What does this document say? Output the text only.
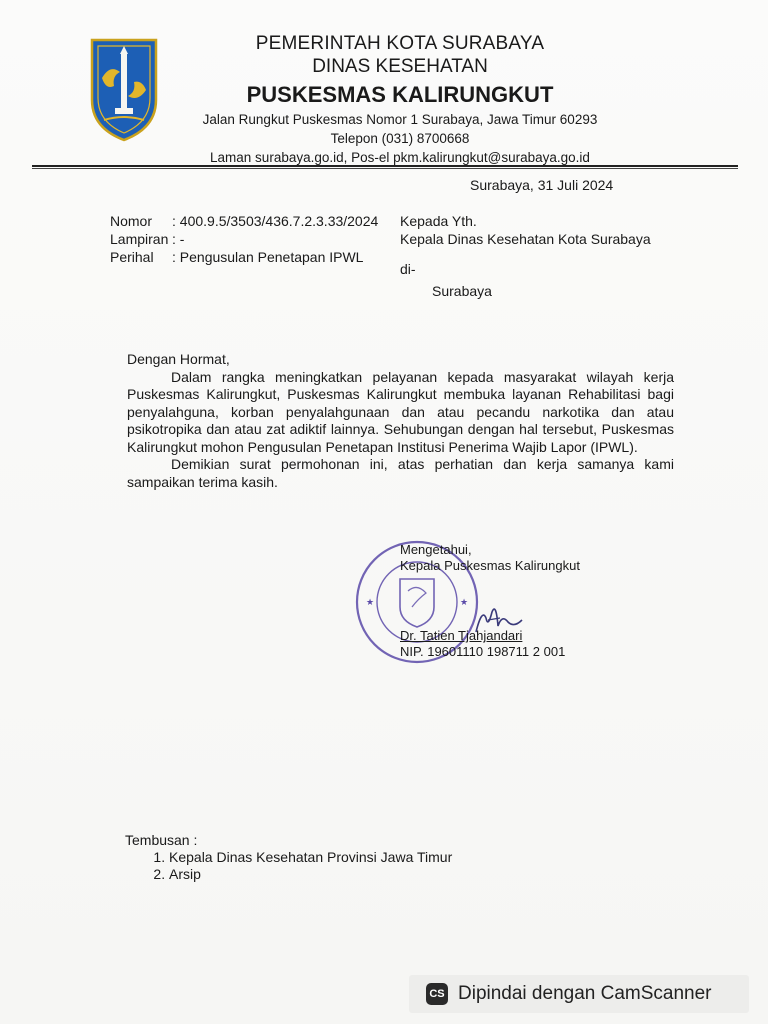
PEMERINTAH KOTA SURABAYA
DINAS KESEHATAN
PUSKESMAS KALIRUNGKUT
Jalan Rungkut Puskesmas Nomor 1 Surabaya, Jawa Timur 60293
Telepon (031) 8700668
Laman surabaya.go.id, Pos-el pkm.kalirungkut@surabaya.go.id
Surabaya, 31 Juli 2024
Nomor	: 400.9.5/3503/436.7.2.3.33/2024
Lampiran : -
Perihal	: Pengusulan Penetapan IPWL
Kepada Yth.
Kepala Dinas Kesehatan Kota Surabaya
di-
Surabaya

Dengan Hormat,

Dalam rangka meningkatkan pelayanan kepada masyarakat wilayah kerja Puskesmas Kalirungkut, Puskesmas Kalirungkut membuka layanan Rehabilitasi bagi penyalahguna, korban penyalahgunaan dan atau pecandu narkotika dan atau psikotropika dan atau zat adiktif lainnya. Sehubungan dengan hal tersebut, Puskesmas Kalirungkut mohon Pengusulan Penetapan Institusi Penerima Wajib Lapor (IPWL).

Demikian surat permohonan ini, atas perhatian dan kerja samanya kami sampaikan terima kasih.

★	★
Mengetahui,
Kepala Puskesmas Kalirungkut
Dr. Tatien Tjahjandari
NIP. 19601110 198711 2 001
Tembusan :
1. Kepala Dinas Kesehatan Provinsi Jawa Timur
2. Arsip
CS Dipindai dengan CamScanner
